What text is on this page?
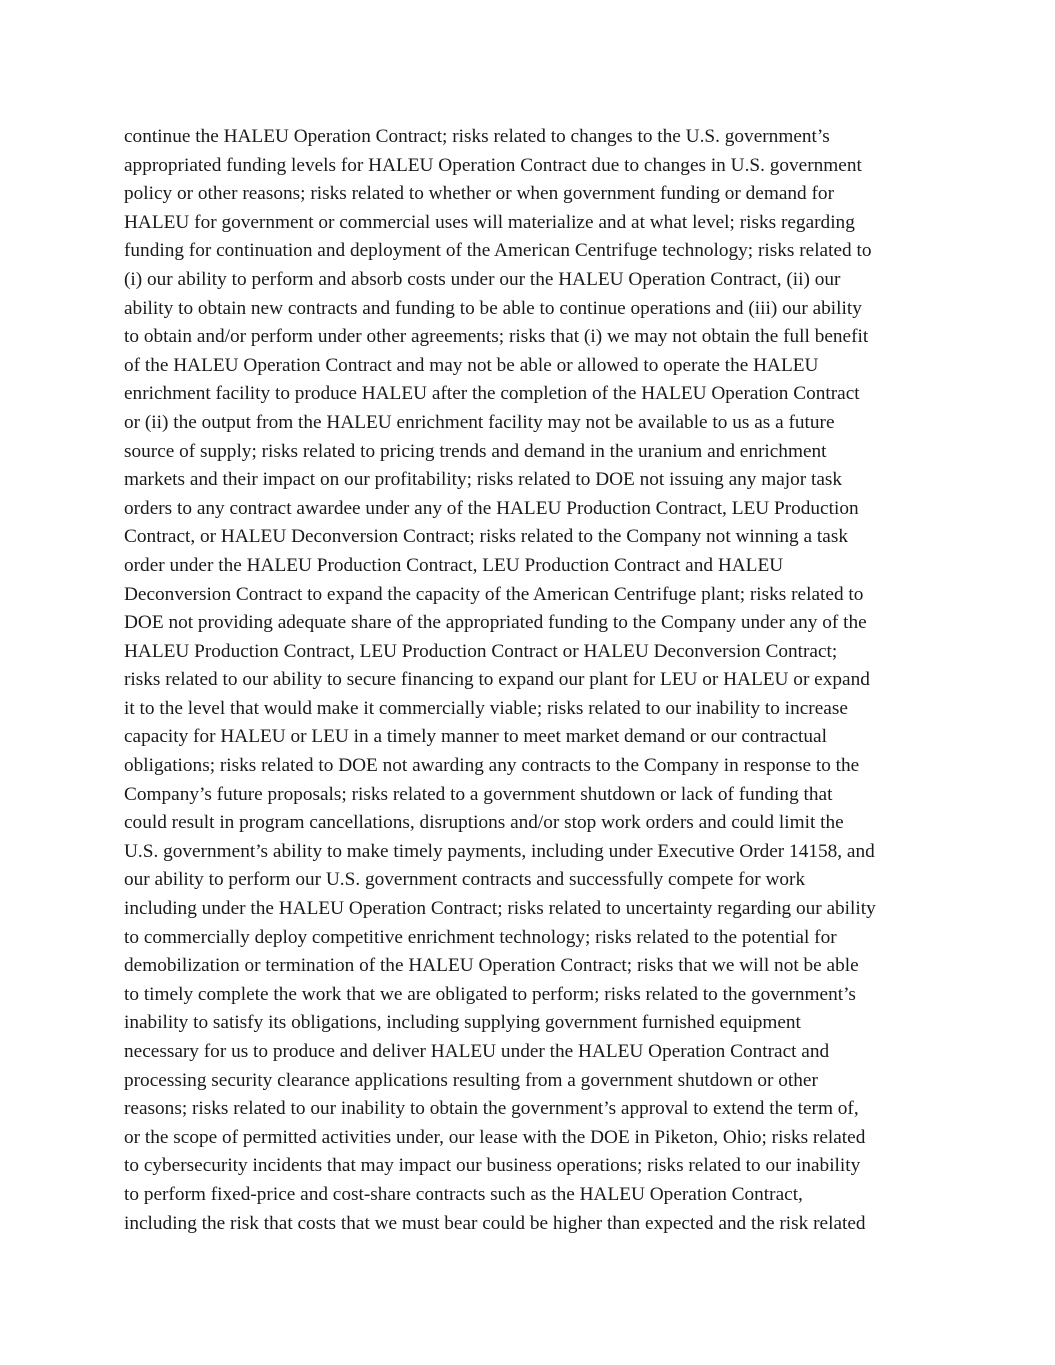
continue the HALEU Operation Contract; risks related to changes to the U.S. government’s
appropriated funding levels for HALEU Operation Contract due to changes in U.S. government
policy or other reasons; risks related to whether or when government funding or demand for
HALEU for government or commercial uses will materialize and at what level; risks regarding
funding for continuation and deployment of the American Centrifuge technology; risks related to
(i) our ability to perform and absorb costs under our the HALEU Operation Contract, (ii) our
ability to obtain new contracts and funding to be able to continue operations and (iii) our ability
to obtain and/or perform under other agreements; risks that (i) we may not obtain the full benefit
of the HALEU Operation Contract and may not be able or allowed to operate the HALEU
enrichment facility to produce HALEU after the completion of the HALEU Operation Contract
or (ii) the output from the HALEU enrichment facility may not be available to us as a future
source of supply; risks related to pricing trends and demand in the uranium and enrichment
markets and their impact on our profitability; risks related to DOE not issuing any major task
orders to any contract awardee under any of the HALEU Production Contract, LEU Production
Contract, or HALEU Deconversion Contract; risks related to the Company not winning a task
order under the HALEU Production Contract, LEU Production Contract and HALEU
Deconversion Contract to expand the capacity of the American Centrifuge plant; risks related to
DOE not providing adequate share of the appropriated funding to the Company under any of the
HALEU Production Contract, LEU Production Contract or HALEU Deconversion Contract;
risks related to our ability to secure financing to expand our plant for LEU or HALEU or expand
it to the level that would make it commercially viable; risks related to our inability to increase
capacity for HALEU or LEU in a timely manner to meet market demand or our contractual
obligations; risks related to DOE not awarding any contracts to the Company in response to the
Company’s future proposals; risks related to a government shutdown or lack of funding that
could result in program cancellations, disruptions and/or stop work orders and could limit the
U.S. government’s ability to make timely payments, including under Executive Order 14158, and
our ability to perform our U.S. government contracts and successfully compete for work
including under the HALEU Operation Contract; risks related to uncertainty regarding our ability
to commercially deploy competitive enrichment technology; risks related to the potential for
demobilization or termination of the HALEU Operation Contract; risks that we will not be able
to timely complete the work that we are obligated to perform; risks related to the government’s
inability to satisfy its obligations, including supplying government furnished equipment
necessary for us to produce and deliver HALEU under the HALEU Operation Contract and
processing security clearance applications resulting from a government shutdown or other
reasons; risks related to our inability to obtain the government’s approval to extend the term of,
or the scope of permitted activities under, our lease with the DOE in Piketon, Ohio; risks related
to cybersecurity incidents that may impact our business operations; risks related to our inability
to perform fixed-price and cost-share contracts such as the HALEU Operation Contract,
including the risk that costs that we must bear could be higher than expected and the risk related
